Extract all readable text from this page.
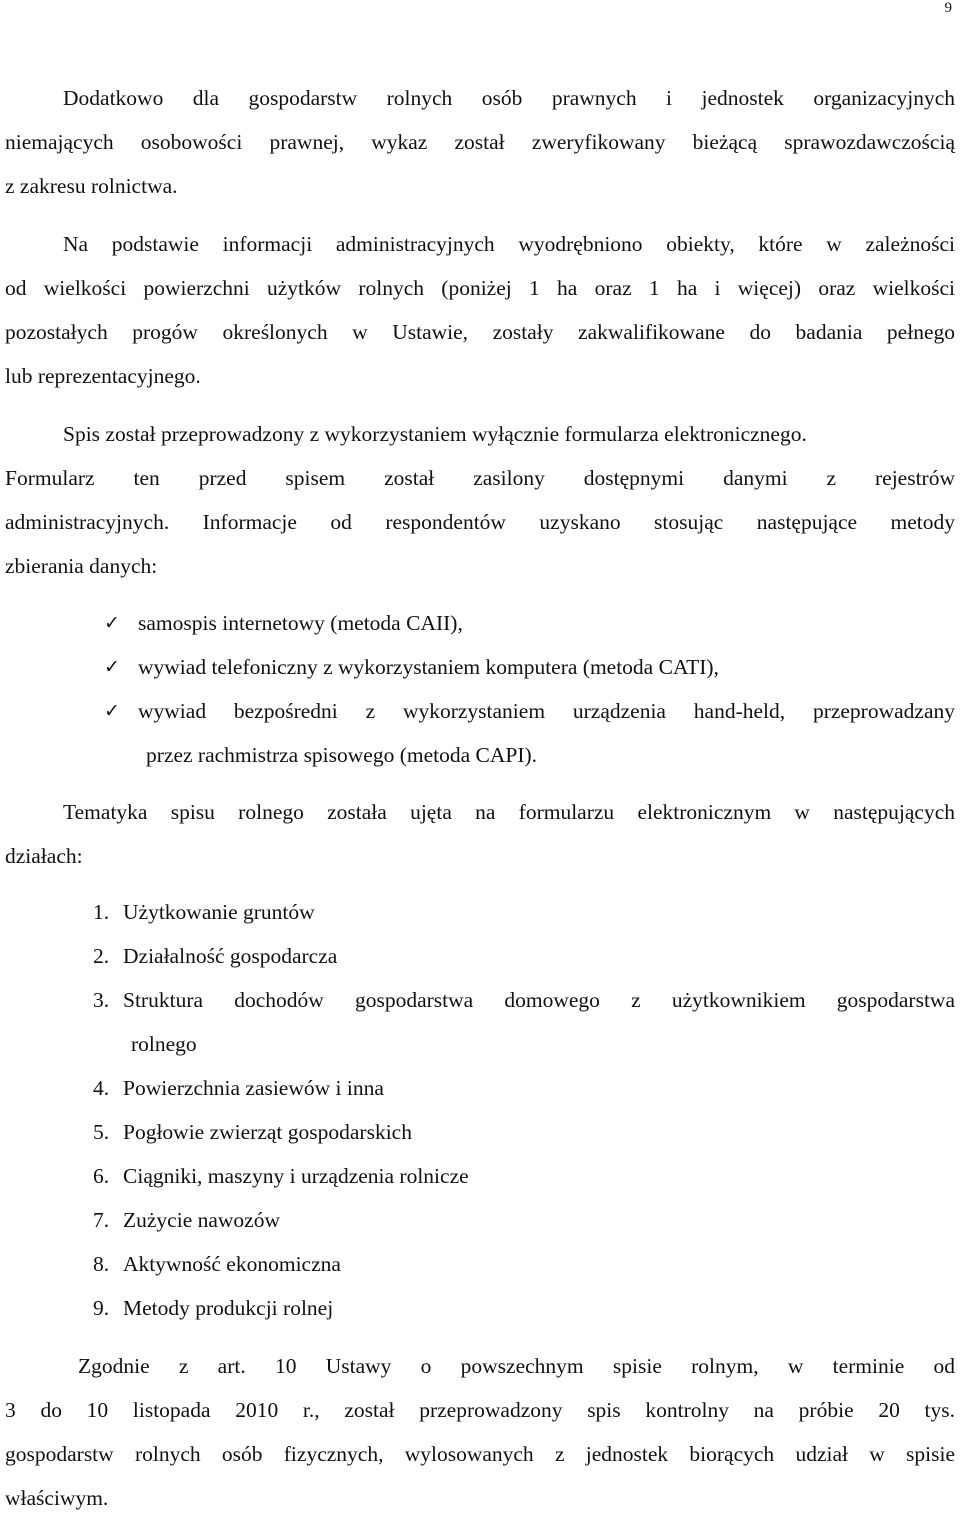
9
Dodatkowo dla gospodarstw rolnych osób prawnych i jednostek organizacyjnych
niemających osobowości prawnej, wykaz został zweryfikowany bieżącą sprawozdawczością
z zakresu rolnictwa.
Na podstawie informacji administracyjnych wyodrębniono obiekty, które w zależności
od wielkości powierzchni użytków rolnych (poniżej 1 ha oraz 1 ha i więcej) oraz wielkości
pozostałych progów określonych w Ustawie, zostały zakwalifikowane do badania pełnego
lub reprezentacyjnego.
Spis został przeprowadzony z wykorzystaniem wyłącznie formularza elektronicznego.
Formularz ten przed spisem został zasilony dostępnymi danymi z rejestrów
administracyjnych. Informacje od respondentów uzyskano stosując następujące metody
zbierania danych:
✓ samospis internetowy (metoda CAII),
✓ wywiad telefoniczny z wykorzystaniem komputera (metoda CATI),
✓ wywiad bezpośredni z wykorzystaniem urządzenia hand-held, przeprowadzany
przez rachmistrza spisowego (metoda CAPI).
Tematyka spisu rolnego została ujęta na formularzu elektronicznym w następujących
działach:
1. Użytkowanie gruntów
2. Działalność gospodarcza
3. Struktura dochodów gospodarstwa domowego z użytkownikiem gospodarstwa
rolnego
4. Powierzchnia zasiewów i inna
5. Pogłowie zwierząt gospodarskich
6. Ciągniki, maszyny i urządzenia rolnicze
7. Zużycie nawozów
8. Aktywność ekonomiczna
9. Metody produkcji rolnej
Zgodnie z art. 10 Ustawy o powszechnym spisie rolnym, w terminie od
3 do 10 listopada 2010 r., został przeprowadzony spis kontrolny na próbie 20 tys.
gospodarstw rolnych osób fizycznych, wylosowanych z jednostek biorących udział w spisie
właściwym.
